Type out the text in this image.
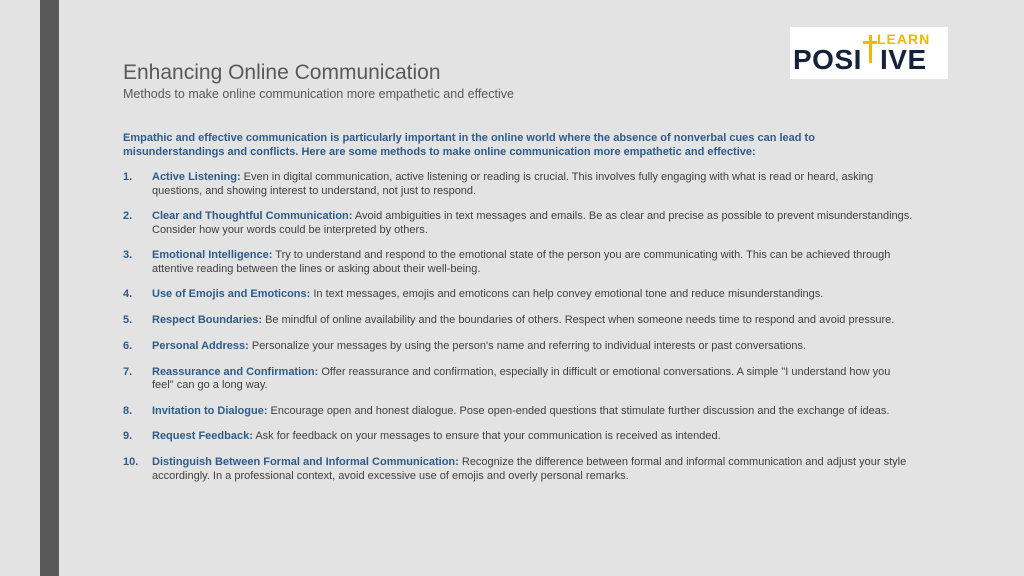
Enhancing Online Communication
Methods to make online communication more empathetic and effective
LEARN
POSI IVE
Empathic and effective communication is particularly important in the online world where the absence of nonverbal cues can lead to misunderstandings and conflicts. Here are some methods to make online communication more empathetic and effective:
1. Active Listening: Even in digital communication, active listening or reading is crucial. This involves fully engaging with what is read or heard, asking questions, and showing interest to understand, not just to respond.
2. Clear and Thoughtful Communication: Avoid ambiguities in text messages and emails. Be as clear and precise as possible to prevent misunderstandings. Consider how your words could be interpreted by others.
3. Emotional Intelligence: Try to understand and respond to the emotional state of the person you are communicating with. This can be achieved through attentive reading between the lines or asking about their well-being.
4. Use of Emojis and Emoticons: In text messages, emojis and emoticons can help convey emotional tone and reduce misunderstandings.
5. Respect Boundaries: Be mindful of online availability and the boundaries of others. Respect when someone needs time to respond and avoid pressure.
6. Personal Address: Personalize your messages by using the person's name and referring to individual interests or past conversations.
7. Reassurance and Confirmation: Offer reassurance and confirmation, especially in difficult or emotional conversations. A simple "I understand how you feel" can go a long way.
8. Invitation to Dialogue: Encourage open and honest dialogue. Pose open-ended questions that stimulate further discussion and the exchange of ideas.
9. Request Feedback: Ask for feedback on your messages to ensure that your communication is received as intended.
10. Distinguish Between Formal and Informal Communication: Recognize the difference between formal and informal communication and adjust your style accordingly. In a professional context, avoid excessive use of emojis and overly personal remarks.
